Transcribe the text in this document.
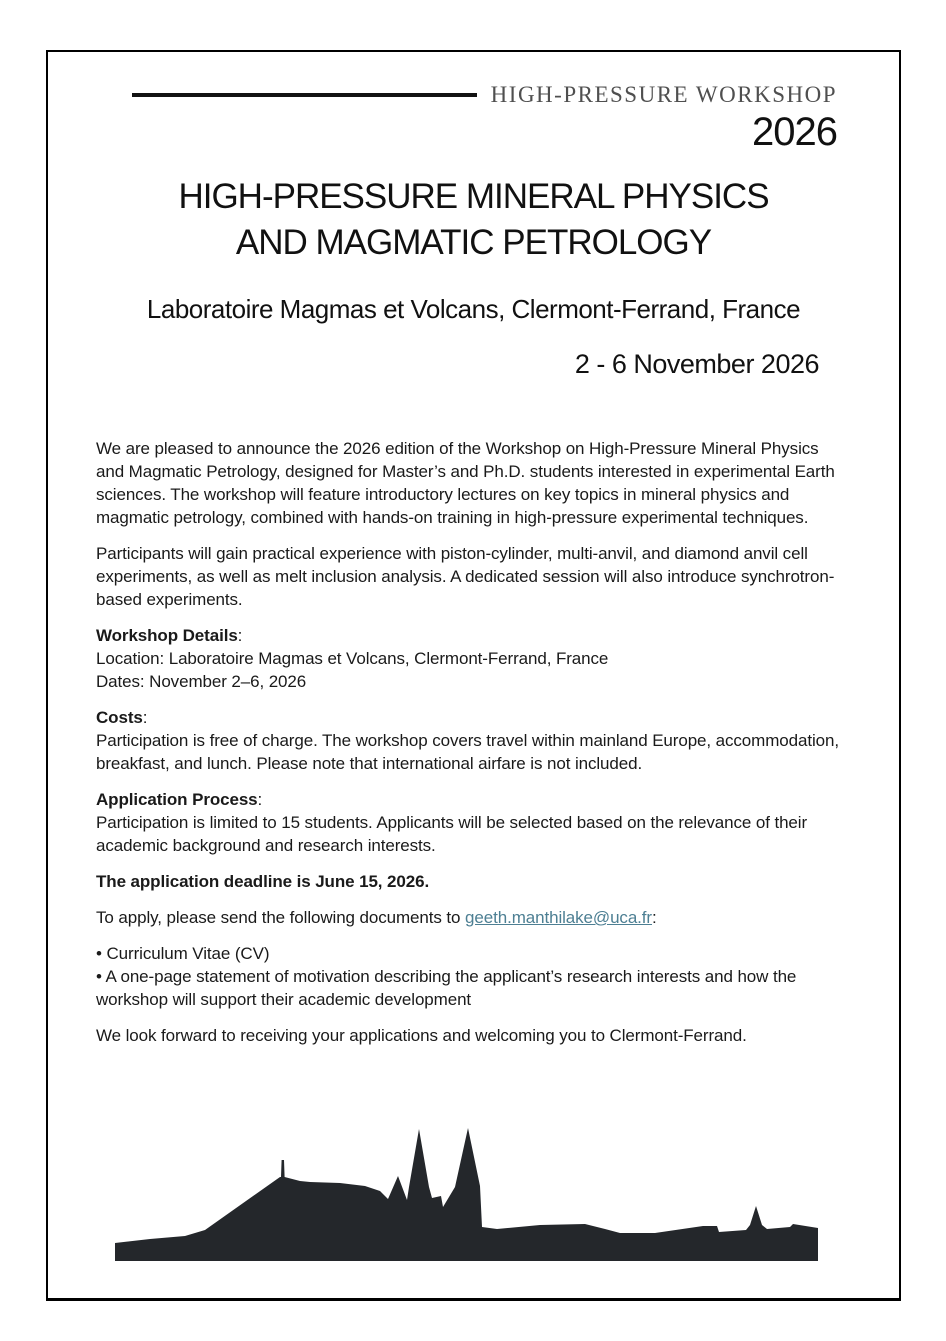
HIGH-PRESSURE WORKSHOP
2026
HIGH-PRESSURE MINERAL PHYSICS
AND MAGMATIC PETROLOGY
Laboratoire Magmas et Volcans, Clermont-Ferrand, France
2 - 6 November 2026

We are pleased to announce the 2026 edition of the Workshop on High-Pressure Mineral Physics and Magmatic Petrology, designed for Master’s and Ph.D. students interested in experimental Earth sciences. The workshop will feature introductory lectures on key topics in mineral physics and magmatic petrology, combined with hands-on training in high-pressure experimental techniques.

Participants will gain practical experience with piston-cylinder, multi-anvil, and diamond anvil cell experiments, as well as melt inclusion analysis. A dedicated session will also introduce synchrotron-based experiments.

Workshop Details:
Location: Laboratoire Magmas et Volcans, Clermont-Ferrand, France
Dates: November 2–6, 2026
Costs:
Participation is free of charge. The workshop covers travel within mainland Europe, accommodation, breakfast, and lunch. Please note that international airfare is not included.
Application Process:
Participation is limited to 15 students. Applicants will be selected based on the relevance of their academic background and research interests.

The application deadline is June 15, 2026.

To apply, please send the following documents to geeth.manthilake@uca.fr:

• Curriculum Vitae (CV)
• A one-page statement of motivation describing the applicant’s research interests and how the workshop will support their academic development

We look forward to receiving your applications and welcoming you to Clermont-Ferrand.
